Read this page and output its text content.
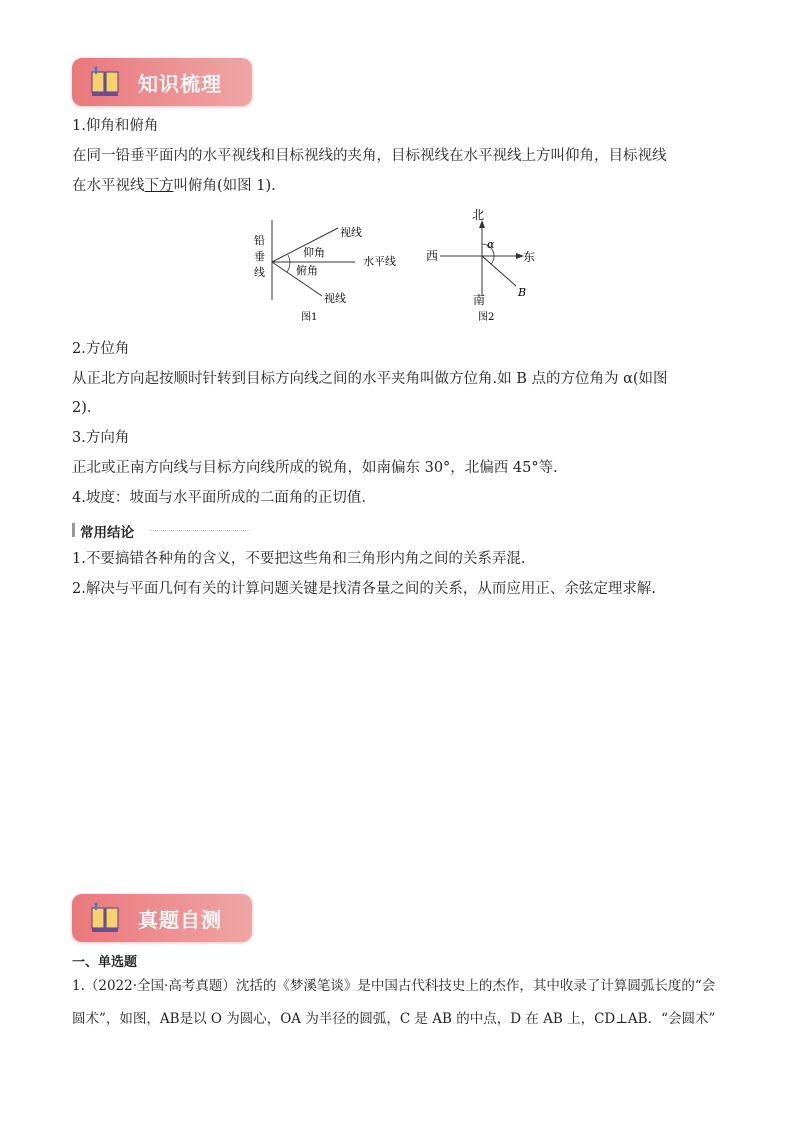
知识梳理
1.仰角和俯角
在同一铅垂平面内的水平视线和目标视线的夹角，目标视线在水平视线上方叫仰角，目标视线
在水平视线下方叫俯角(如图 1).
铅
垂
线
视线
仰角
水平线
俯角
视线
图1
北
西	东
南
α
B
图2
2.方位角
从正北方向起按顺时针转到目标方向线之间的水平夹角叫做方位角.如 B 点的方位角为 α(如图
2).
3.方向角
正北或正南方向线与目标方向线所成的锐角，如南偏东 30°，北偏西 45°等.
4.坡度：坡面与水平面所成的二面角的正切值.
常用结论
1.不要搞错各种角的含义，不要把这些角和三角形内角之间的关系弄混.
2.解决与平面几何有关的计算问题关键是找清各量之间的关系，从而应用正、余弦定理求解.
真题自测
一、单选题
1.（2022·全国·高考真题）沈括的《梦溪笔谈》是中国古代科技史上的杰作，其中收录了计算圆弧长度的“会
圆术”，如图，AB是以 O 为圆心，OA 为半径的圆弧，C 是 AB 的中点，D 在 AB 上，CD⊥AB．“会圆术”
